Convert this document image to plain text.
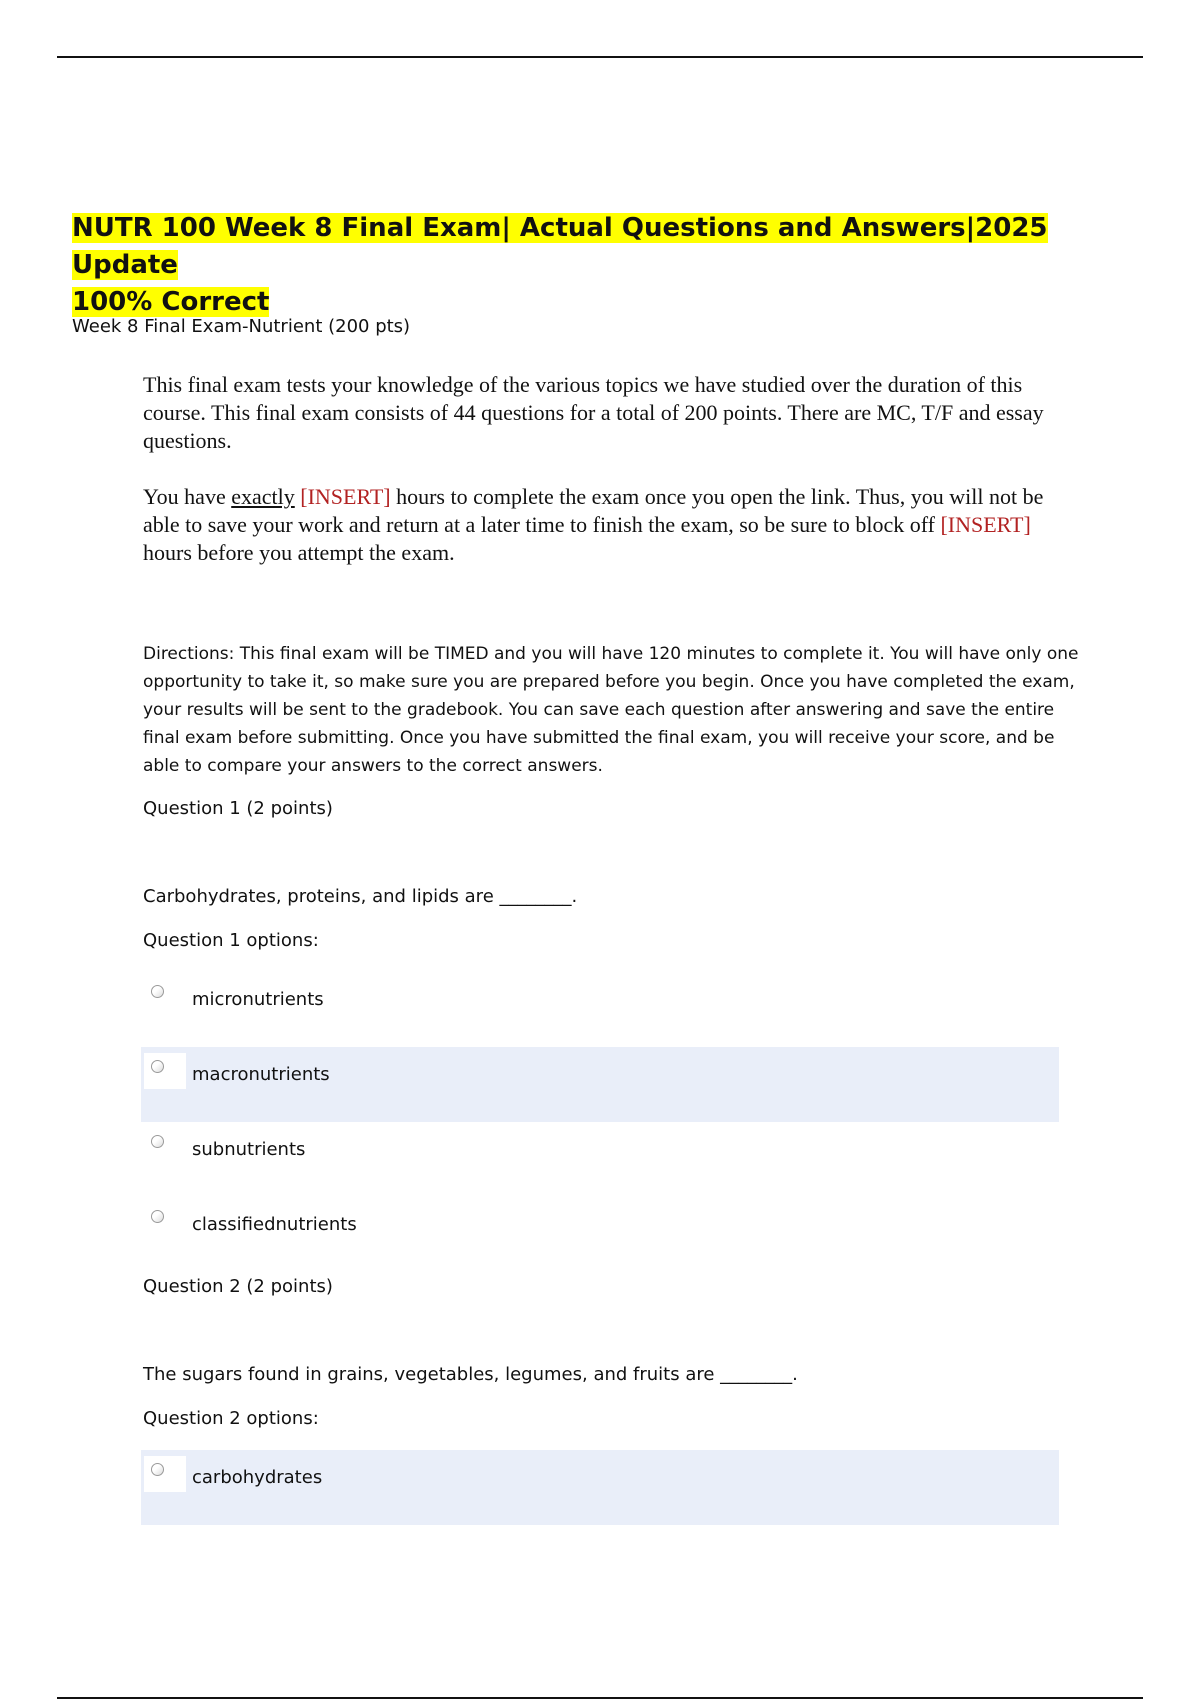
NUTR 100 Week 8 Final Exam| Actual Questions and Answers|2025 Update
100% Correct
Week 8 Final Exam-Nutrient (200 pts)
This final exam tests your knowledge of the various topics we have studied over the duration of this course. This final exam consists of 44 questions for a total of 200 points. There are MC, T/F and essay questions.
You have exactly [INSERT] hours to complete the exam once you open the link. Thus, you will not be able to save your work and return at a later time to finish the exam, so be sure to block off [INSERT] hours before you attempt the exam.
Directions: This final exam will be TIMED and you will have 120 minutes to complete it. You will have only one opportunity to take it, so make sure you are prepared before you begin. Once you have completed the exam, your results will be sent to the gradebook. You can save each question after answering and save the entire final exam before submitting. Once you have submitted the final exam, you will receive your score, and be able to compare your answers to the correct answers.
Question 1 (2 points)
Carbohydrates, proteins, and lipids are ________.
Question 1 options:
micronutrients
macronutrients
subnutrients
classifiednutrients
Question 2 (2 points)
The sugars found in grains, vegetables, legumes, and fruits are ________.
Question 2 options:
carbohydrates
